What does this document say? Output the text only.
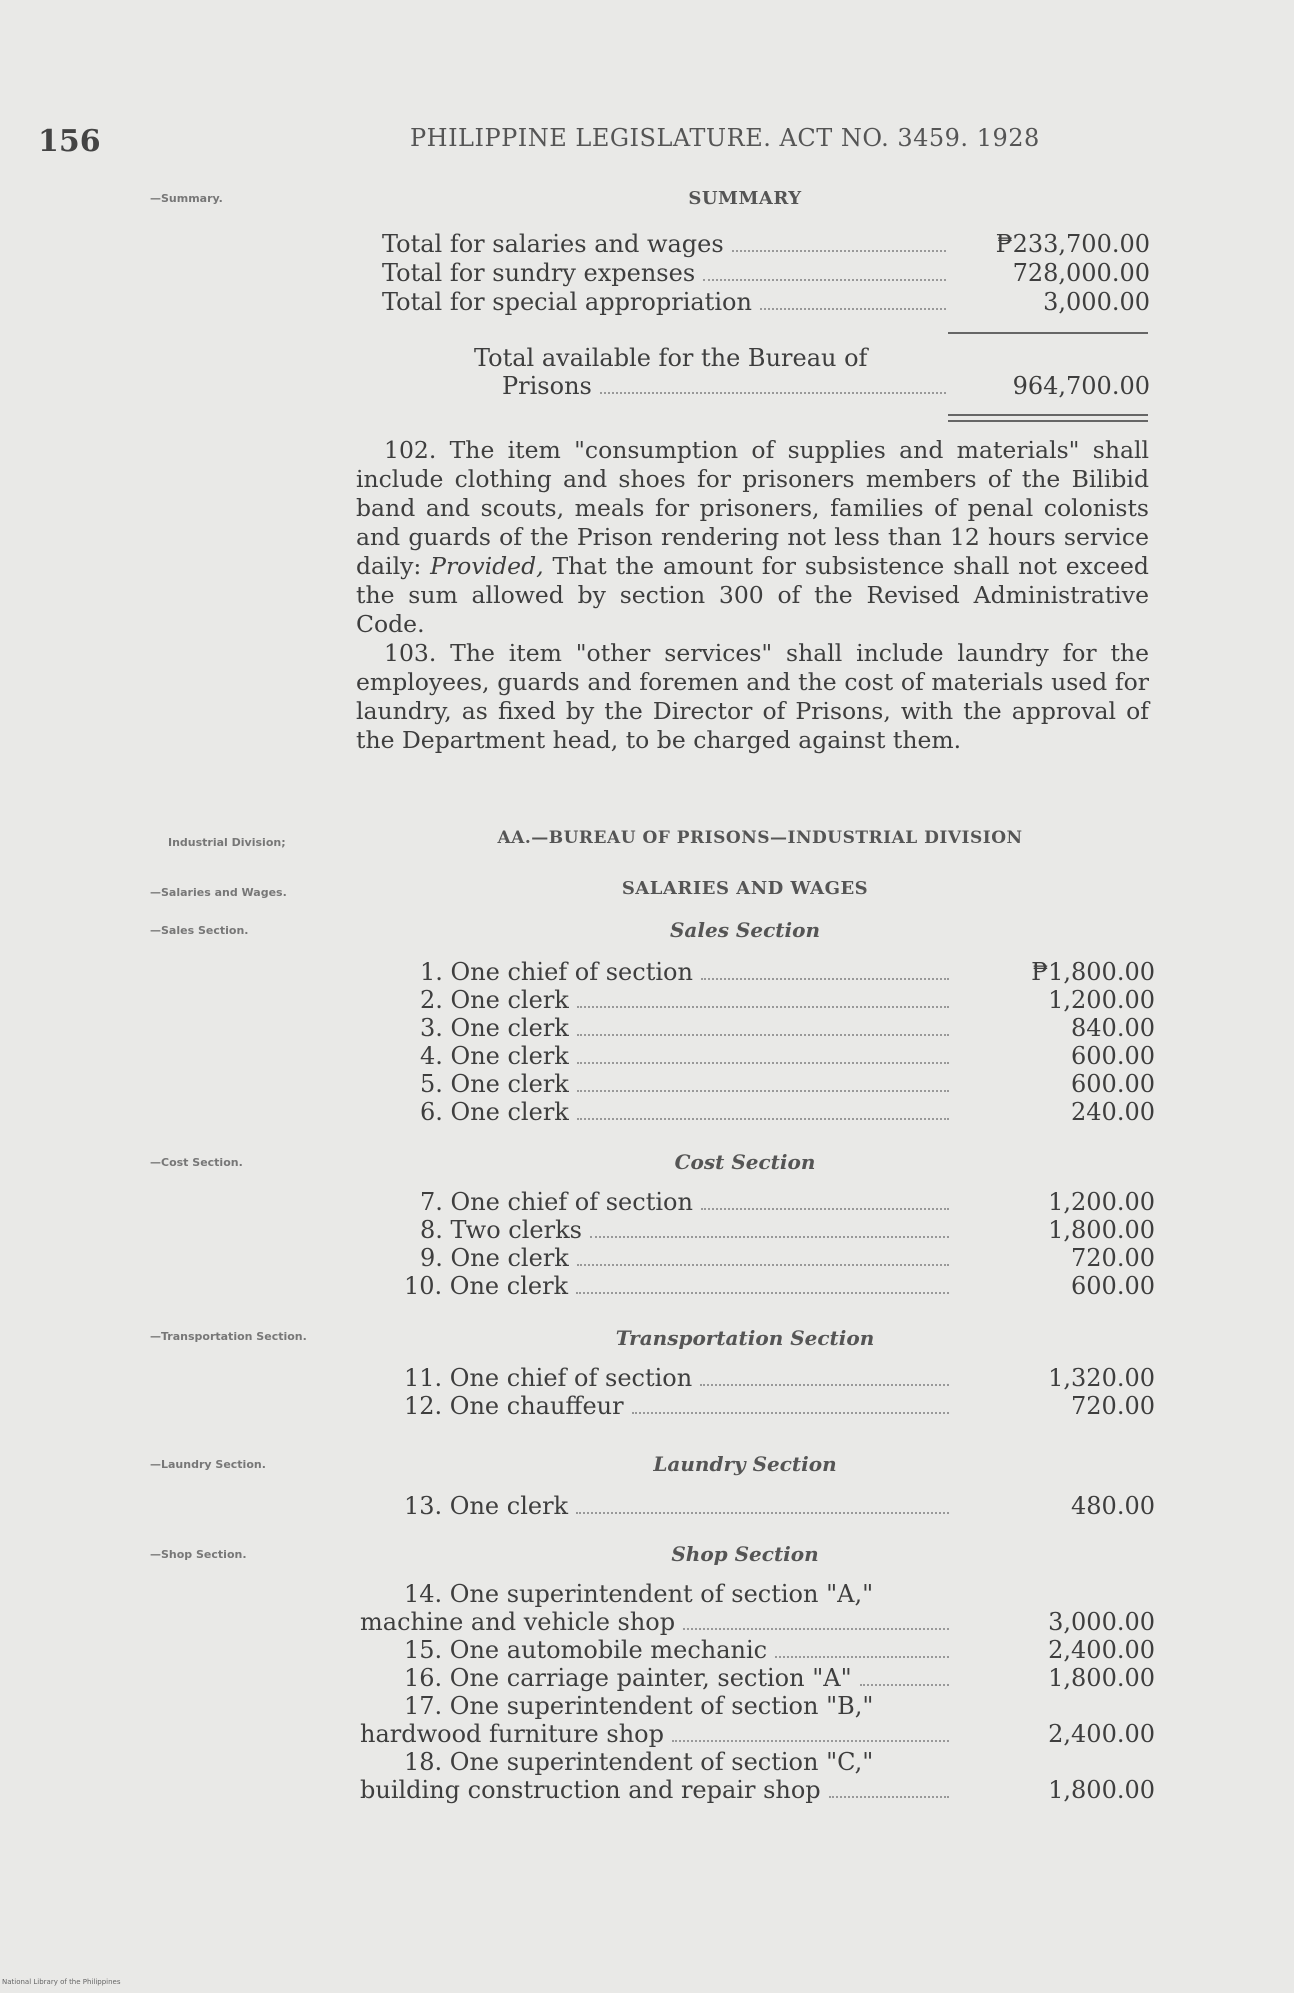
156	PHILIPPINE LEGISLATURE. ACT NO. 3459. 1928
—Summary.
Industrial Division;
—Salaries and Wages.
—Sales Section.
—Cost Section.
—Transportation Section.
—Laundry Section.
—Shop Section.
SUMMARY
Total for salaries and wages	₱233,700.00
Total for sundry expenses	728,000.00
Total for special appropriation	3,000.00
Total available for the Bureau of
Prisons	964,700.00

102. The item "consumption of supplies and materials" shall include clothing and shoes for prisoners members of the Bilibid band and scouts, meals for prisoners, families of penal colonists and guards of the Prison rendering not less than 12 hours service daily: Provided, That the amount for subsistence shall not exceed the sum allowed by section 300 of the Revised Administrative Code.

103. The item "other services" shall include laundry for the employees, guards and foremen and the cost of materials used for laundry, as fixed by the Director of Prisons, with the approval of the Department head, to be charged against them.

AA.—BUREAU OF PRISONS—INDUSTRIAL DIVISION
SALARIES AND WAGES
Sales Section
1. One chief of section	₱1,800.00
2. One clerk	1,200.00
3. One clerk	840.00
4. One clerk	600.00
5. One clerk	600.00
6. One clerk	240.00
Cost Section
7. One chief of section	1,200.00
8. Two clerks	1,800.00
9. One clerk	720.00
10. One clerk	600.00
Transportation Section
11. One chief of section	1,320.00
12. One chauffeur	720.00
Laundry Section
13. One clerk	480.00
Shop Section
14. One superintendent of section "A,"
machine and vehicle shop	3,000.00
15. One automobile mechanic	2,400.00
16. One carriage painter, section "A"	1,800.00
17. One superintendent of section "B,"
hardwood furniture shop	2,400.00
18. One superintendent of section "C,"
building construction and repair shop	1,800.00
National Library of the Philippines
